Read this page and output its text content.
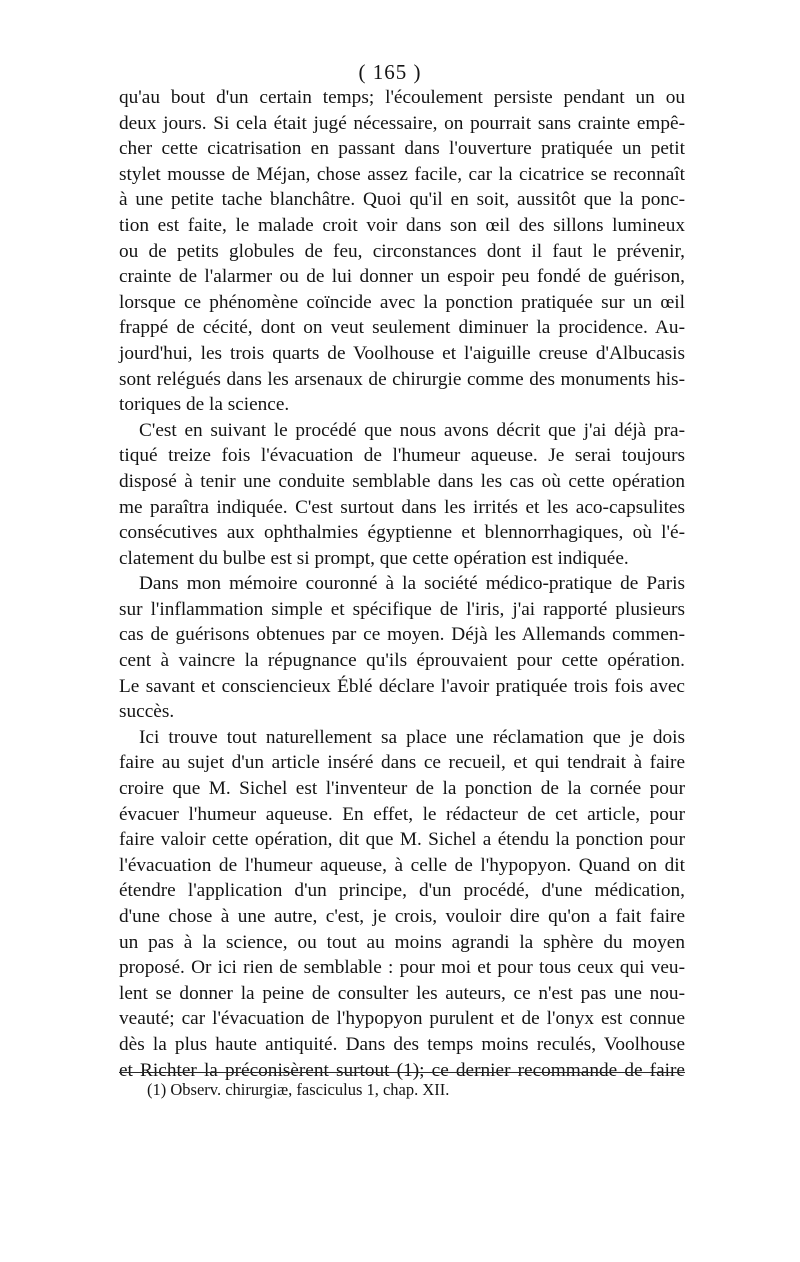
( 165 )
qu'au bout d'un certain temps; l'écoulement persiste pendant un ou
deux jours. Si cela était jugé nécessaire, on pourrait sans crainte empê-
cher cette cicatrisation en passant dans l'ouverture pratiquée un petit
stylet mousse de Méjan, chose assez facile, car la cicatrice se reconnaît
à une petite tache blanchâtre. Quoi qu'il en soit, aussitôt que la ponc-
tion est faite, le malade croit voir dans son œil des sillons lumineux
ou de petits globules de feu, circonstances dont il faut le prévenir,
crainte de l'alarmer ou de lui donner un espoir peu fondé de guérison,
lorsque ce phénomène coïncide avec la ponction pratiquée sur un œil
frappé de cécité, dont on veut seulement diminuer la procidence. Au-
jourd'hui, les trois quarts de Voolhouse et l'aiguille creuse d'Albucasis
sont relégués dans les arsenaux de chirurgie comme des monuments his-
toriques de la science.
C'est en suivant le procédé que nous avons décrit que j'ai déjà pra-
tiqué treize fois l'évacuation de l'humeur aqueuse. Je serai toujours
disposé à tenir une conduite semblable dans les cas où cette opération
me paraîtra indiquée. C'est surtout dans les irrités et les aco-capsulites
consécutives aux ophthalmies égyptienne et blennorrhagiques, où l'é-
clatement du bulbe est si prompt, que cette opération est indiquée.
Dans mon mémoire couronné à la société médico-pratique de Paris
sur l'inflammation simple et spécifique de l'iris, j'ai rapporté plusieurs
cas de guérisons obtenues par ce moyen. Déjà les Allemands commen-
cent à vaincre la répugnance qu'ils éprouvaient pour cette opération.
Le savant et consciencieux Éblé déclare l'avoir pratiquée trois fois avec
succès.
Ici trouve tout naturellement sa place une réclamation que je dois
faire au sujet d'un article inséré dans ce recueil, et qui tendrait à faire
croire que M. Sichel est l'inventeur de la ponction de la cornée pour
évacuer l'humeur aqueuse. En effet, le rédacteur de cet article, pour
faire valoir cette opération, dit que M. Sichel a étendu la ponction pour
l'évacuation de l'humeur aqueuse, à celle de l'hypopyon. Quand on dit
étendre l'application d'un principe, d'un procédé, d'une médication,
d'une chose à une autre, c'est, je crois, vouloir dire qu'on a fait faire
un pas à la science, ou tout au moins agrandi la sphère du moyen
proposé. Or ici rien de semblable : pour moi et pour tous ceux qui veu-
lent se donner la peine de consulter les auteurs, ce n'est pas une nou-
veauté; car l'évacuation de l'hypopyon purulent et de l'onyx est connue
dès la plus haute antiquité. Dans des temps moins reculés, Voolhouse
et Richter la préconisèrent surtout (1); ce dernier recommande de faire
(1) Observ. chirurgiæ, fasciculus 1, chap. XII.
